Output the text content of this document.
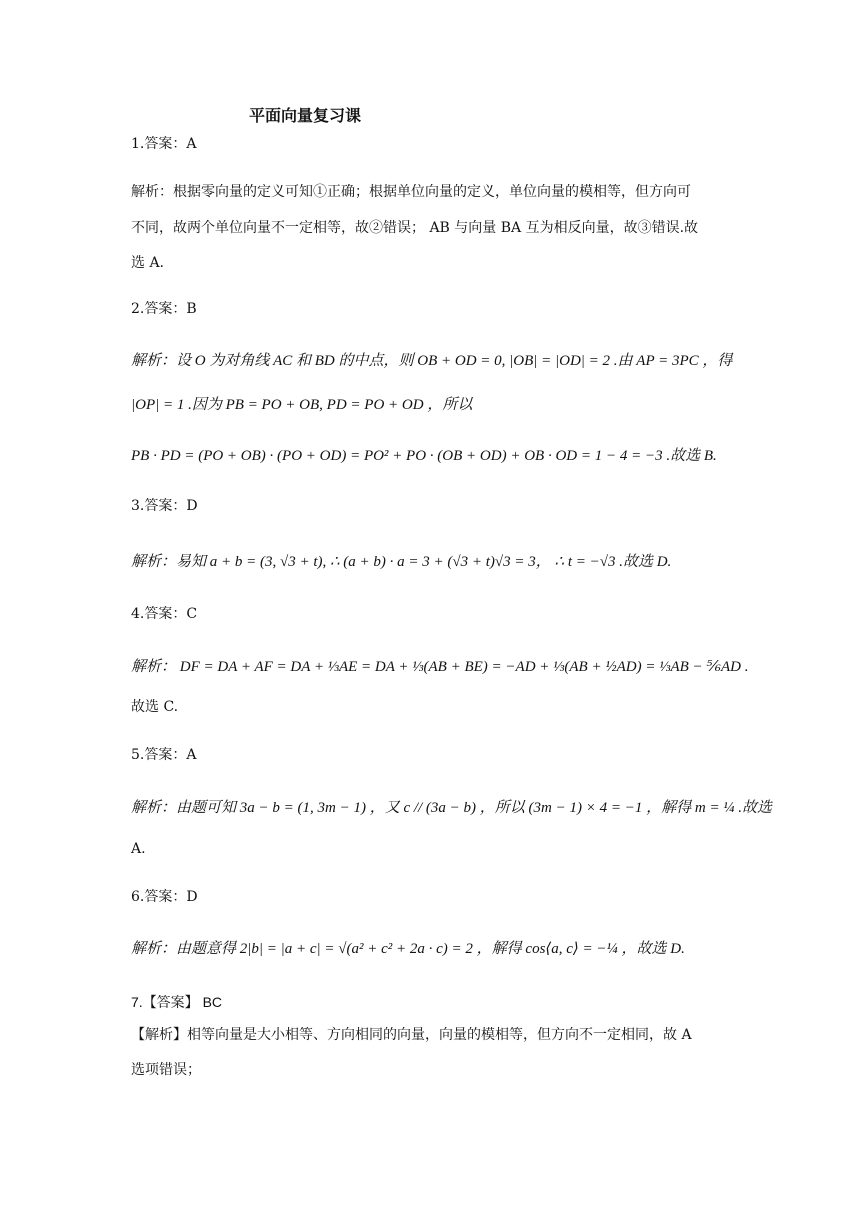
平面向量复习课
1.答案：A
解析：根据零向量的定义可知①正确；根据单位向量的定义，单位向量的模相等，但方向可
不同，故两个单位向量不一定相等，故②错误； AB 与向量 BA 互为相反向量，故③错误.故
选 A.
2.答案：B
解析：设 O 为对角线 AC 和 BD 的中点，则 OB + OD = 0, |OB| = |OD| = 2 .由 AP = 3PC ，得
|OP| = 1 .因为 PB = PO + OB, PD = PO + OD ，所以
PB · PD = (PO + OB) · (PO + OD) = PO² + PO · (OB + OD) + OB · OD = 1 − 4 = −3 .故选 B.
3.答案：D
解析：易知 a + b = (3, √3 + t), ∴ (a + b) · a = 3 + (√3 + t)√3 = 3， ∴ t = −√3 .故选 D.
4.答案：C
解析： DF = DA + AF = DA + ⅓AE = DA + ⅓(AB + BE) = −AD + ⅓(AB + ½AD) = ⅓AB − ⅚AD .
故选 C.
5.答案：A
解析：由题可知 3a − b = (1, 3m − 1) ，又 c // (3a − b) ，所以 (3m − 1) × 4 = −1 ，解得 m = ¼ .故选
A.
6.答案：D
解析：由题意得 2|b| = |a + c| = √(a² + c² + 2a · c) = 2 ，解得 cos⟨a, c⟩ = −¼ ，故选 D.
7.【答案】 BC
【解析】相等向量是大小相等、方向相同的向量，向量的模相等，但方向不一定相同，故 A
选项错误；
